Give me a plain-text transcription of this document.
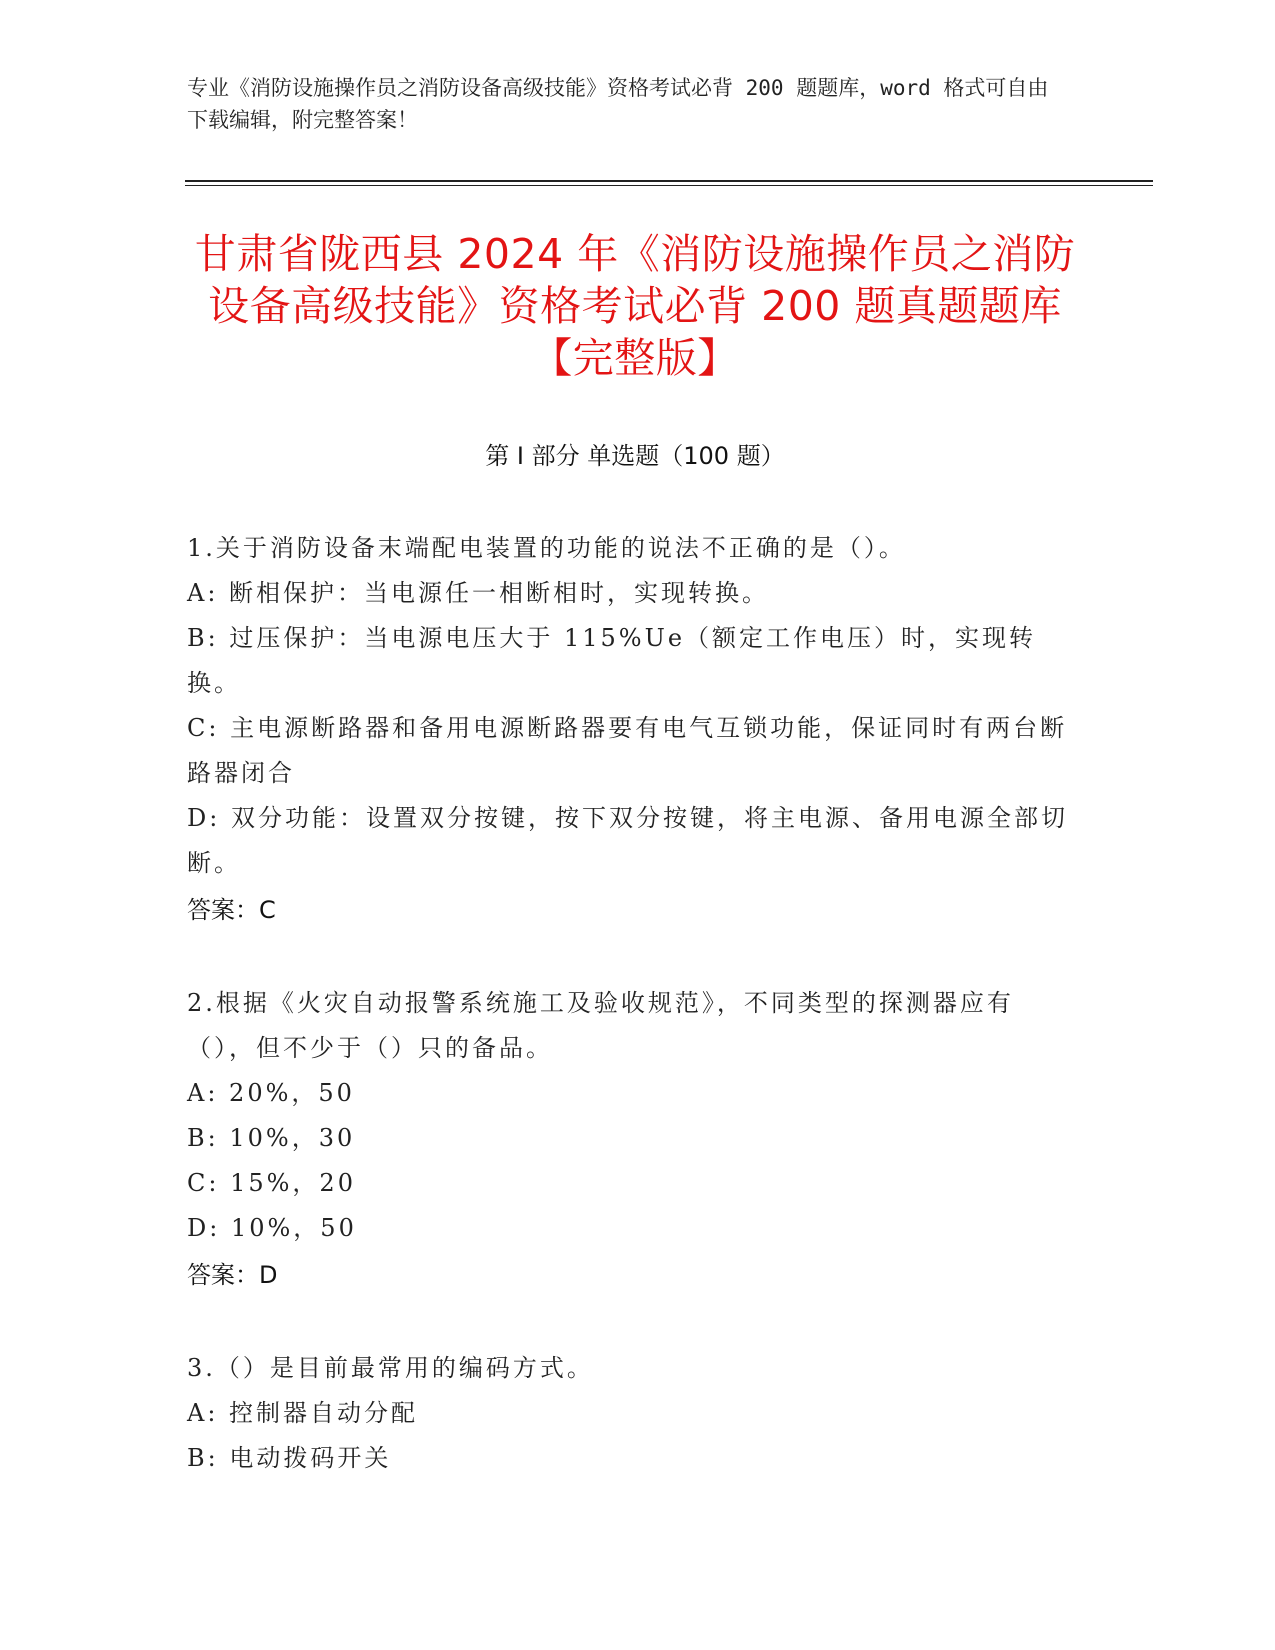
专业《消防设施操作员之消防设备高级技能》资格考试必背 200 题题库，word 格式可自由下载编辑，附完整答案！
甘肃省陇西县 2024 年《消防设施操作员之消防设备高级技能》资格考试必背 200 题真题题库【完整版】
第 I 部分 单选题（100 题）
1.关于消防设备末端配电装置的功能的说法不正确的是（）。
A: 断相保护：当电源任一相断相时，实现转换。
B: 过压保护：当电源电压大于 115%Ue（额定工作电压）时，实现转换。
C: 主电源断路器和备用电源断路器要有电气互锁功能，保证同时有两台断路器闭合
D: 双分功能：设置双分按键，按下双分按键，将主电源、备用电源全部切断。
答案：C
2.根据《火灾自动报警系统施工及验收规范》，不同类型的探测器应有（），但不少于（）只的备品。
A: 20%，50
B: 10%，30
C: 15%，20
D: 10%，50
答案：D
3.（）是目前最常用的编码方式。
A: 控制器自动分配
B: 电动拨码开关
